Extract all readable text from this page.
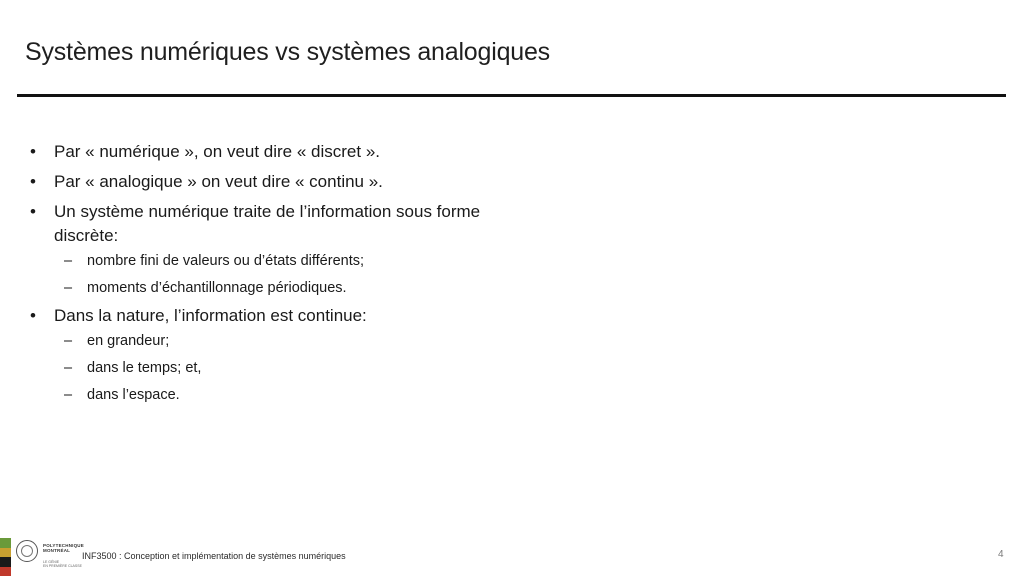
Systèmes numériques vs systèmes analogiques
• Par « numérique », on veut dire « discret ».
• Par « analogique » on veut dire « continu ».
• Un système numérique traite de l’information sous forme discrète:
– nombre fini de valeurs ou d’états différents;
– moments d’échantillonnage périodiques.
• Dans la nature, l’information est continue:
– en grandeur;
– dans le temps; et,
– dans l’espace.
POLYTECHNIQUE
MONTRÉAL
LE GÉNIE
EN PREMIÈRE CLASSE
INF3500 : Conception et implémentation de systèmes numériques	4
